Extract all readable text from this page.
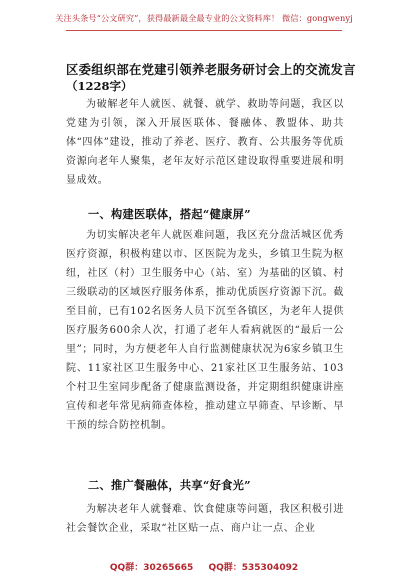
关注头条号“公文研究”，获得最新最全最专业的公文资料库！ 微信：gongwenyj
区委组织部在党建引领养老服务研讨会上的交流发言
（1228字）

为破解老年人就医、就餐、就学、救助等问题，我区以党建为引领，深入开展医联体、餐融体、教盟体、助共体“四体”建设，推动了养老、医疗、教育、公共服务等优质资源向老年人聚集，老年友好示范区建设取得重要进展和明显成效。

一、构建医联体，搭起“健康屏”

为切实解决老年人就医难问题，我区充分盘活城区优秀医疗资源，积极构建以市、区医院为龙头，乡镇卫生院为枢纽，社区（村）卫生服务中心（站、室）为基础的区镇、村三级联动的区域医疗服务体系，推动优质医疗资源下沉。截至目前，已有102名医务人员下沉至各镇区，为老年人提供医疗服务600余人次，打通了老年人看病就医的“最后一公里”；同时，为方便老年人自行监测健康状况为6家乡镇卫生院、11家社区卫生服务中心、21家社区卫生服务站、103个村卫生室同步配备了健康监测设备，并定期组织健康讲座宣传和老年常见病筛查体检，推动建立早筛查、早诊断、早干预的综合防控机制。

二、推广餐融体，共享“好食光”

为解决老年人就餐难、饮食健康等问题，我区积极引进社会餐饮企业，采取“社区贴一点、商户让一点、企业

QQ群：30265665 QQ群：535304092
